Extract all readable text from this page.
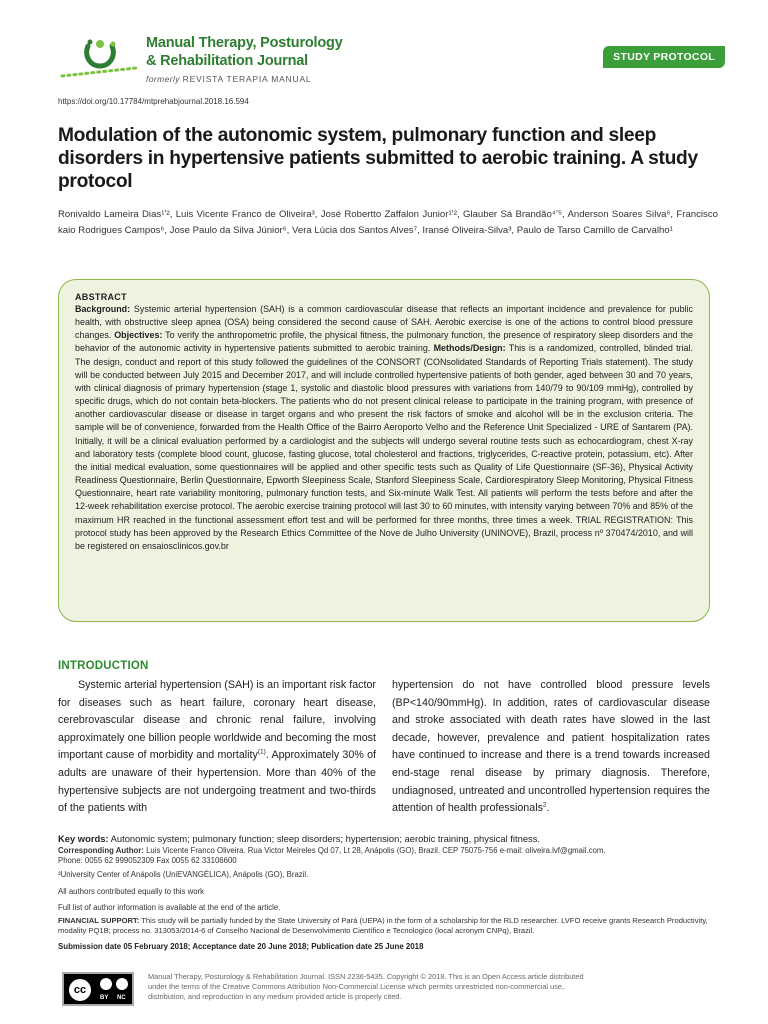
Manual Therapy, Posturology
& Rehabilitation Journal
formerly REVISTA TERAPIA MANUAL
STUDY PROTOCOL
https://doi.org/10.17784/mtprehabjournal.2018.16.594
Modulation of the autonomic system, pulmonary function and sleep disorders in hypertensive patients submitted to aerobic training. A study protocol
Ronivaldo Lameira Dias¹ʼ², Luis Vicente Franco de Oliveira³, José Robertto Zaffalon Junior¹ʼ², Glauber Sá Brandão⁴ʼ⁵, Anderson Soares Silva⁶, Francisco kaio Rodrigues Campos⁶, Jose Paulo da Silva Júnior⁶, Vera Lúcia dos Santos Alves⁷, Iransé Oliveira-Silva³, Paulo de Tarso Camillo de Carvalho¹
ABSTRACT
Background: Systemic arterial hypertension (SAH) is a common cardiovascular disease that reflects an important incidence and prevalence for public health, with obstructive sleep apnea (OSA) being considered the second cause of SAH. Aerobic exercise is one of the actions to control blood pressure changes. Objectives: To verify the anthropometric profile, the physical fitness, the pulmonary function, the presence of respiratory sleep disorders and the behavior of the autonomic activity in hypertensive patients submitted to aerobic training. Methods/Design: This is a randomized, controlled, blinded trial. The design, conduct and report of this study followed the guidelines of the CONSORT (CONsolidated Standards of Reporting Trials statement). The study will be conducted between July 2015 and December 2017, and will include controlled hypertensive patients of both gender, aged between 30 and 70 years, with clinical diagnosis of primary hypertension (stage 1, systolic and diastolic blood pressures with variations from 140/79 to 90/109 mmHg), controlled by specific drugs, which do not contain beta-blockers. The patients who do not present clinical release to participate in the training program, with presence of another cardiovascular disease or disease in target organs and who present the risk factors of smoke and alcohol will be in the exclusion criteria. The sample will be of convenience, forwarded from the Health Office of the Bairro Aeroporto Velho and the Reference Unit Specialized - URE of Santarem (PA). Initially, it will be a clinical evaluation performed by a cardiologist and the subjects will undergo several routine tests such as echocardiogram, chest X-ray and laboratory tests (complete blood count, glucose, fasting glucose, total cholesterol and fractions, triglycerides, C-reactive protein, potassium, etc). After the initial medical evaluation, some questionnaires will be applied and other specific tests such as Quality of Life Questionnaire (SF-36), Physical Activity Readiness Questionnaire, Berlin Questionnaire, Epworth Sleepiness Scale, Stanford Sleepiness Scale, Cardiorespiratory Sleep Monitoring, Physical Fitness Questionnaire, heart rate variability monitoring, pulmonary function tests, and Six-minute Walk Test. All patients will perform the tests before and after the 12-week rehabilitation exercise protocol. The aerobic exercise training protocol will last 30 to 60 minutes, with intensity varying between 70% and 85% of the maximum HR reached in the functional assessment effort test and will be performed for three months, three times a week. TRIAL REGISTRATION: This protocol study has been approved by the Research Ethics Committee of the Nove de Julho University (UNINOVE), Brazil, process nº 370474/2010, and will be registered on ensaiosclinicos.gov.br
INTRODUCTION
Systemic arterial hypertension (SAH) is an important risk factor for diseases such as heart failure, coronary heart disease, cerebrovascular disease and chronic renal failure, involving approximately one billion people worldwide and becoming the most important cause of morbidity and mortality$^{(1)}$. Approximately 30% of adults are unaware of their hypertension. More than 40% of the hypertensive subjects are not undergoing treatment and two-thirds of the patients with
hypertension do not have controlled blood pressure levels (BP<140/90mmHg). In addition, rates of cardiovascular disease and stroke associated with death rates have slowed in the last decade, however, prevalence and patient hospitalization rates have continued to increase and there is a trend towards increased end-stage renal disease by primary diagnosis. Therefore, undiagnosed, untreated and uncontrolled hypertension requires the attention of health professionals$^2$.
Key words: Autonomic system; pulmonary function; sleep disorders; hypertension; aerobic training, physical fitness.
Corresponding Author: Luis Vicente Franco Oliveira. Rua Victor Meireles Qd 07, Lt 28, Anápolis (GO), Brazil. CEP 75075-756 e-mail: oliveira.lvf@gmail.com.
Phone: 0055 62 999052309 Fax 0055 62 33106600
³University Center of Anápolis (UniEVANGÉLICA), Anápolis (GO), Brazil.
All authors contributed equally to this work
Full list of author information is available at the end of the article.
FINANCIAL SUPPORT: This study will be partially funded by the State University of Pará (UEPA) in the form of a scholarship for the RLD researcher. LVFO receive grants Research Productivity, modality PQ1B; process no. 313053/2014-6 of Conselho Nacional de Desenvolvimento Científico e Tecnologico (local acronym CNPq), Brazil.
Submission date 05 February 2018; Acceptance date 20 June 2018; Publication date 25 June 2018
cc
BY NC
Manual Therapy, Posturology & Rehabilitation Journal. ISSN 2236-5435. Copyright © 2018. This is an Open Access article distributed under the terms of the Creative Commons Attribution Non-Commercial License which permits unrestricted non-commercial use, distribution, and reproduction in any medium provided article is properly cited.
